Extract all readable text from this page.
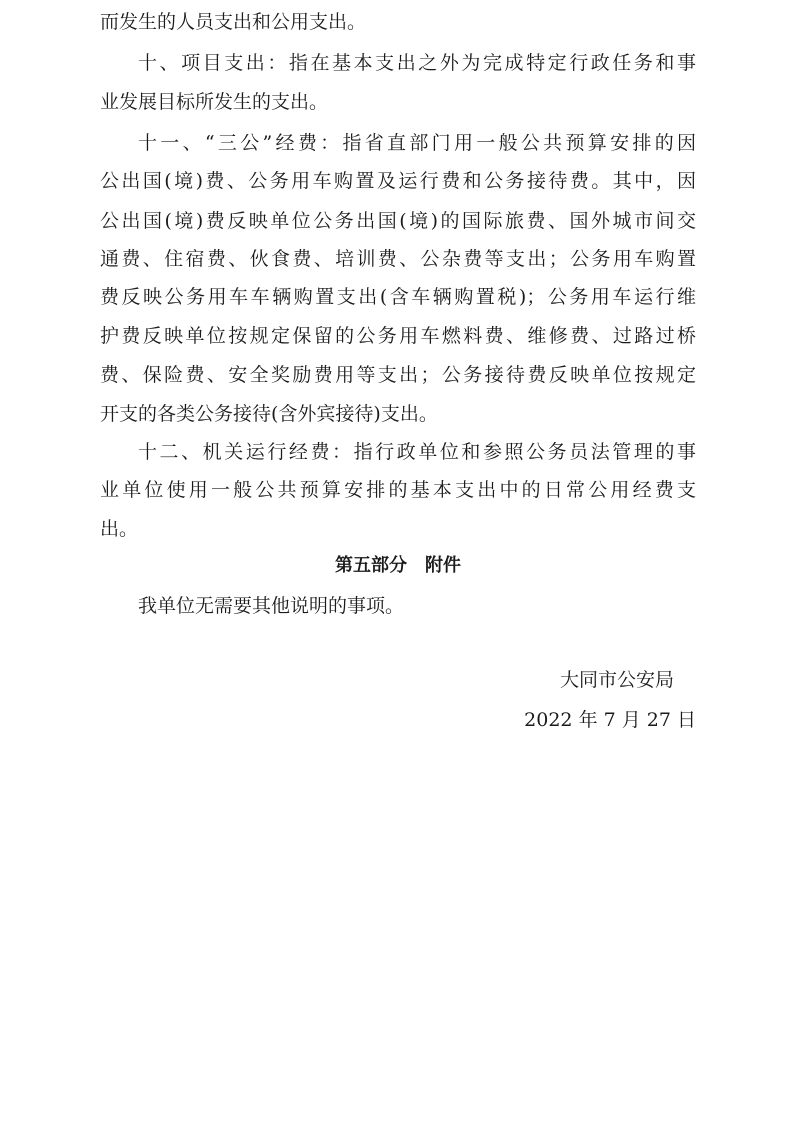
而发生的人员支出和公用支出。
十、项目支出：指在基本支出之外为完成特定行政任务和事
业发展目标所发生的支出。
十一、“三公”经费：指省直部门用一般公共预算安排的因
公出国(境)费、公务用车购置及运行费和公务接待费。其中，因
公出国(境)费反映单位公务出国(境)的国际旅费、国外城市间交
通费、住宿费、伙食费、培训费、公杂费等支出；公务用车购置
费反映公务用车车辆购置支出(含车辆购置税)；公务用车运行维
护费反映单位按规定保留的公务用车燃料费、维修费、过路过桥
费、保险费、安全奖励费用等支出；公务接待费反映单位按规定
开支的各类公务接待(含外宾接待)支出。
十二、机关运行经费：指行政单位和参照公务员法管理的事
业单位使用一般公共预算安排的基本支出中的日常公用经费支
出。
第五部分　附件
我单位无需要其他说明的事项。
大同市公安局
2022 年 7 月 27 日
